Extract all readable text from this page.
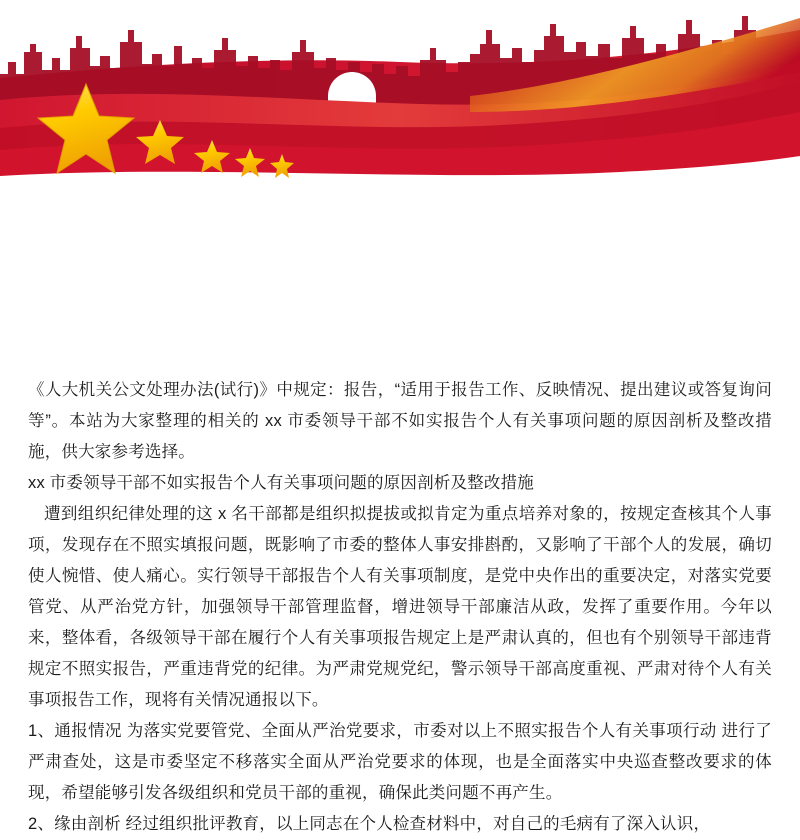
《人大机关公文处理办法(试行)》中规定：报告，“适用于报告工作、反映情况、提出建议或答复询问等”。本站为大家整理的相关的 xx 市委领导干部不如实报告个人有关事项问题的原因剖析及整改措施，供大家参考选择。

xx 市委领导干部不如实报告个人有关事项问题的原因剖析及整改措施

遭到组织纪律处理的这 x 名干部都是组织拟提拔或拟肯定为重点培养对象的，按规定查核其个人事项，发现存在不照实填报问题，既影响了市委的整体人事安排斟酌，又影响了干部个人的发展，确切使人惋惜、使人痛心。实行领导干部报告个人有关事项制度，是党中央作出的重要决定，对落实党要管党、从严治党方针，加强领导干部管理监督，增进领导干部廉洁从政，发挥了重要作用。今年以来，整体看，各级领导干部在履行个人有关事项报告规定上是严肃认真的，但也有个别领导干部违背规定不照实报告，严重违背党的纪律。为严肃党规党纪，警示领导干部高度重视、严肃对待个人有关事项报告工作，现将有关情况通报以下。

1、通报情况 为落实党要管党、全面从严治党要求，市委对以上不照实报告个人有关事项行动 进行了严肃查处，这是市委坚定不移落实全面从严治党要求的体现，也是全面落实中央巡查整改要求的体现，希望能够引发各级组织和党员干部的重视，确保此类问题不再产生。

2、缘由剖析 经过组织批评教育，以上同志在个人检查材料中，对自己的毛病有了深入认识，
